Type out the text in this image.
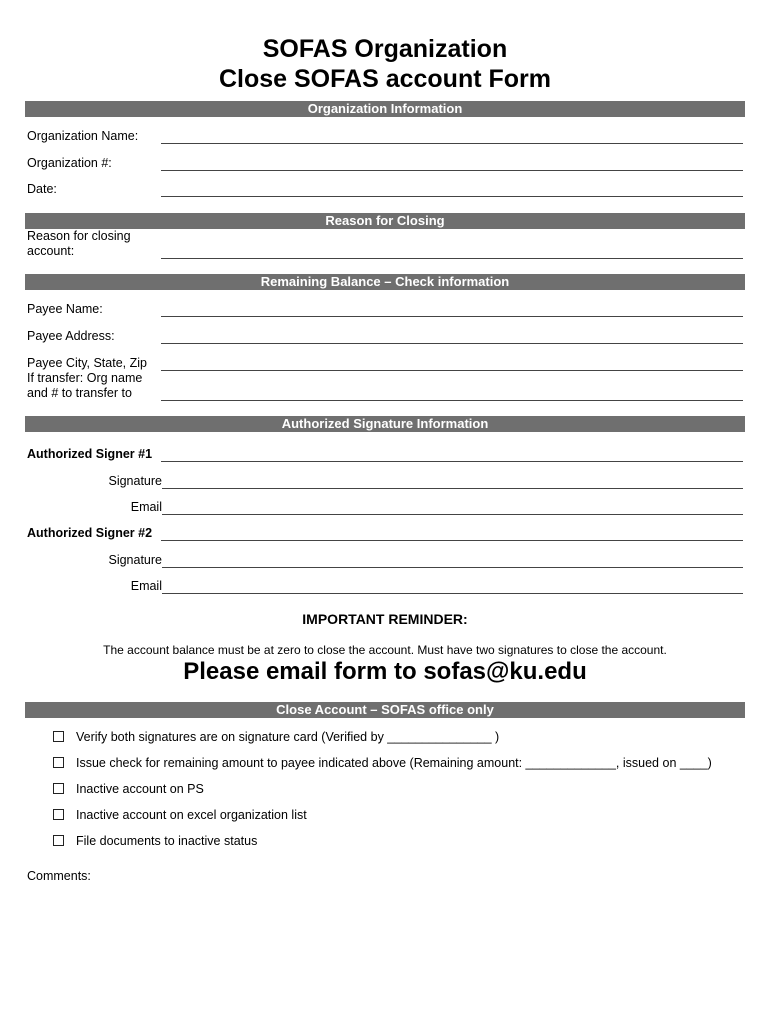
SOFAS Organization
Close SOFAS account Form
Organization Information
Organization Name:
Organization #:
Date:
Reason for Closing
Reason for closing
account:
Remaining Balance – Check information
Payee Name:
Payee Address:
Payee City, State, Zip
If transfer: Org name
and # to transfer to
Authorized Signature Information
Authorized Signer #1
Signature
Email
Authorized Signer #2
Signature
Email
IMPORTANT REMINDER:
The account balance must be at zero to close the account. Must have two signatures to close the account.
Please email form to sofas@ku.edu
Close Account – SOFAS office only
Verify both signatures are on signature card (Verified by _______________ )
Issue check for remaining amount to payee indicated above (Remaining amount: _____________, issued on ____)
Inactive account on PS
Inactive account on excel organization list
File documents to inactive status
Comments:
